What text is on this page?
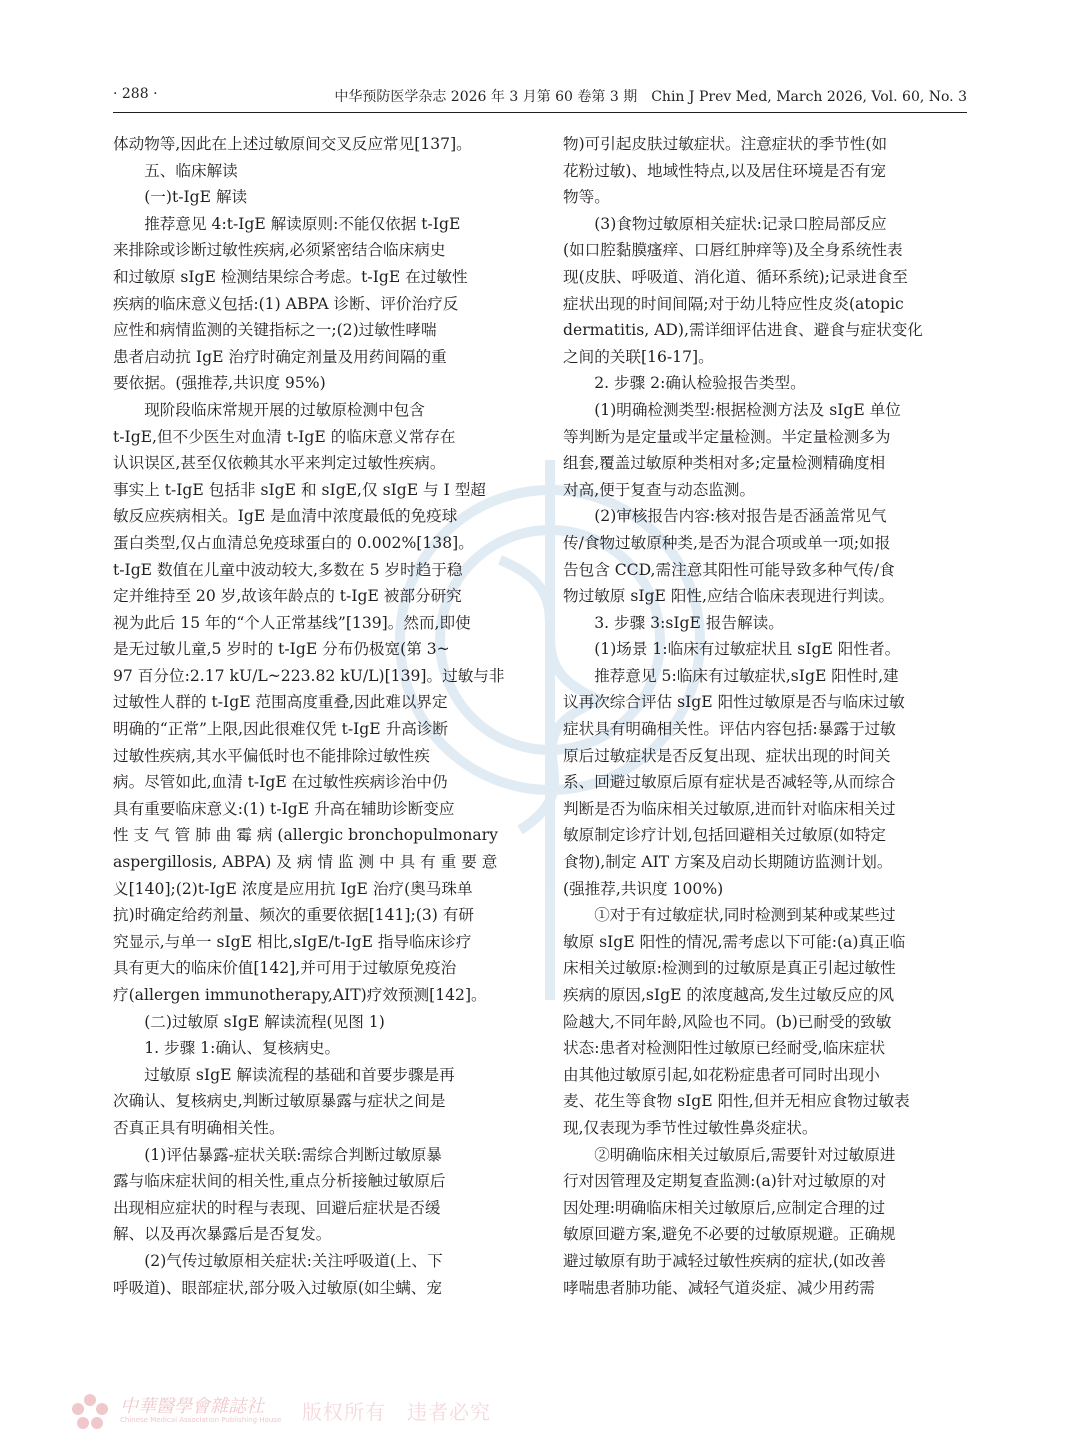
· 288 ·	中华预防医学杂志 2026 年 3 月第 60 卷第 3 期　Chin J Prev Med, March 2026, Vol. 60, No. 3

体动物等,因此在上述过敏原间交叉反应常见[137]。

五、临床解读

(一)t-IgE 解读

推荐意见 4:t-IgE 解读原则:不能仅依据 t-IgE

来排除或诊断过敏性疾病,必须紧密结合临床病史

和过敏原 sIgE 检测结果综合考虑。t-IgE 在过敏性

疾病的临床意义包括:(1) ABPA 诊断、评价治疗反

应性和病情监测的关键指标之一;(2)过敏性哮喘

患者启动抗 IgE 治疗时确定剂量及用药间隔的重

要依据。(强推荐,共识度 95%)

现阶段临床常规开展的过敏原检测中包含

t-IgE,但不少医生对血清 t-IgE 的临床意义常存在

认识误区,甚至仅依赖其水平来判定过敏性疾病。

事实上 t-IgE 包括非 sIgE 和 sIgE,仅 sIgE 与 Ⅰ 型超

敏反应疾病相关。IgE 是血清中浓度最低的免疫球

蛋白类型,仅占血清总免疫球蛋白的 0.002%[138]。

t-IgE 数值在儿童中波动较大,多数在 5 岁时趋于稳

定并维持至 20 岁,故该年龄点的 t-IgE 被部分研究

视为此后 15 年的“个人正常基线”[139]。然而,即使

是无过敏儿童,5 岁时的 t-IgE 分布仍极宽(第 3~

97 百分位:2.17 kU/L~223.82 kU/L)[139]。过敏与非

过敏性人群的 t-IgE 范围高度重叠,因此难以界定

明确的“正常”上限,因此很难仅凭 t-IgE 升高诊断

过敏性疾病,其水平偏低时也不能排除过敏性疾

病。尽管如此,血清 t-IgE 在过敏性疾病诊治中仍

具有重要临床意义:(1) t-IgE 升高在辅助诊断变应

性 支 气 管 肺 曲 霉 病 (allergic bronchopulmonary

aspergillosis, ABPA) 及 病 情 监 测 中 具 有 重 要 意

义[140];(2)t-IgE 浓度是应用抗 IgE 治疗(奥马珠单

抗)时确定给药剂量、频次的重要依据[141];(3) 有研

究显示,与单一 sIgE 相比,sIgE/t-IgE 指导临床诊疗

具有更大的临床价值[142],并可用于过敏原免疫治

疗(allergen immunotherapy,AIT)疗效预测[142]。

(二)过敏原 sIgE 解读流程(见图 1)

1. 步骤 1:确认、复核病史。

过敏原 sIgE 解读流程的基础和首要步骤是再

次确认、复核病史,判断过敏原暴露与症状之间是

否真正具有明确相关性。

(1)评估暴露-症状关联:需综合判断过敏原暴

露与临床症状间的相关性,重点分析接触过敏原后

出现相应症状的时程与表现、回避后症状是否缓

解、以及再次暴露后是否复发。

(2)气传过敏原相关症状:关注呼吸道(上、下

呼吸道)、眼部症状,部分吸入过敏原(如尘螨、宠

物)可引起皮肤过敏症状。注意症状的季节性(如

花粉过敏)、地域性特点,以及居住环境是否有宠

物等。

(3)食物过敏原相关症状:记录口腔局部反应

(如口腔黏膜瘙痒、口唇红肿痒等)及全身系统性表

现(皮肤、呼吸道、消化道、循环系统);记录进食至

症状出现的时间间隔;对于幼儿特应性皮炎(atopic

dermatitis, AD),需详细评估进食、避食与症状变化

之间的关联[16-17]。

2. 步骤 2:确认检验报告类型。

(1)明确检测类型:根据检测方法及 sIgE 单位

等判断为是定量或半定量检测。半定量检测多为

组套,覆盖过敏原种类相对多;定量检测精确度相

对高,便于复查与动态监测。

(2)审核报告内容:核对报告是否涵盖常见气

传/食物过敏原种类,是否为混合项或单一项;如报

告包含 CCD,需注意其阳性可能导致多种气传/食

物过敏原 sIgE 阳性,应结合临床表现进行判读。

3. 步骤 3:sIgE 报告解读。

(1)场景 1:临床有过敏症状且 sIgE 阳性者。

推荐意见 5:临床有过敏症状,sIgE 阳性时,建

议再次综合评估 sIgE 阳性过敏原是否与临床过敏

症状具有明确相关性。评估内容包括:暴露于过敏

原后过敏症状是否反复出现、症状出现的时间关

系、回避过敏原后原有症状是否减轻等,从而综合

判断是否为临床相关过敏原,进而针对临床相关过

敏原制定诊疗计划,包括回避相关过敏原(如特定

食物),制定 AIT 方案及启动长期随访监测计划。

(强推荐,共识度 100%)

①对于有过敏症状,同时检测到某种或某些过

敏原 sIgE 阳性的情况,需考虑以下可能:(a)真正临

床相关过敏原:检测到的过敏原是真正引起过敏性

疾病的原因,sIgE 的浓度越高,发生过敏反应的风

险越大,不同年龄,风险也不同。(b)已耐受的致敏

状态:患者对检测阳性过敏原已经耐受,临床症状

由其他过敏原引起,如花粉症患者可同时出现小

麦、花生等食物 sIgE 阳性,但并无相应食物过敏表

现,仅表现为季节性过敏性鼻炎症状。

②明确临床相关过敏原后,需要针对过敏原进

行对因管理及定期复查监测:(a)针对过敏原的对

因处理:明确临床相关过敏原后,应制定合理的过

敏原回避方案,避免不必要的过敏原规避。正确规

避过敏原有助于减轻过敏性疾病的症状,(如改善

哮喘患者肺功能、减轻气道炎症、减少用药需

中華醫學會雜誌社
Chinese Medical Association Publishing House 版权所有　违者必究
